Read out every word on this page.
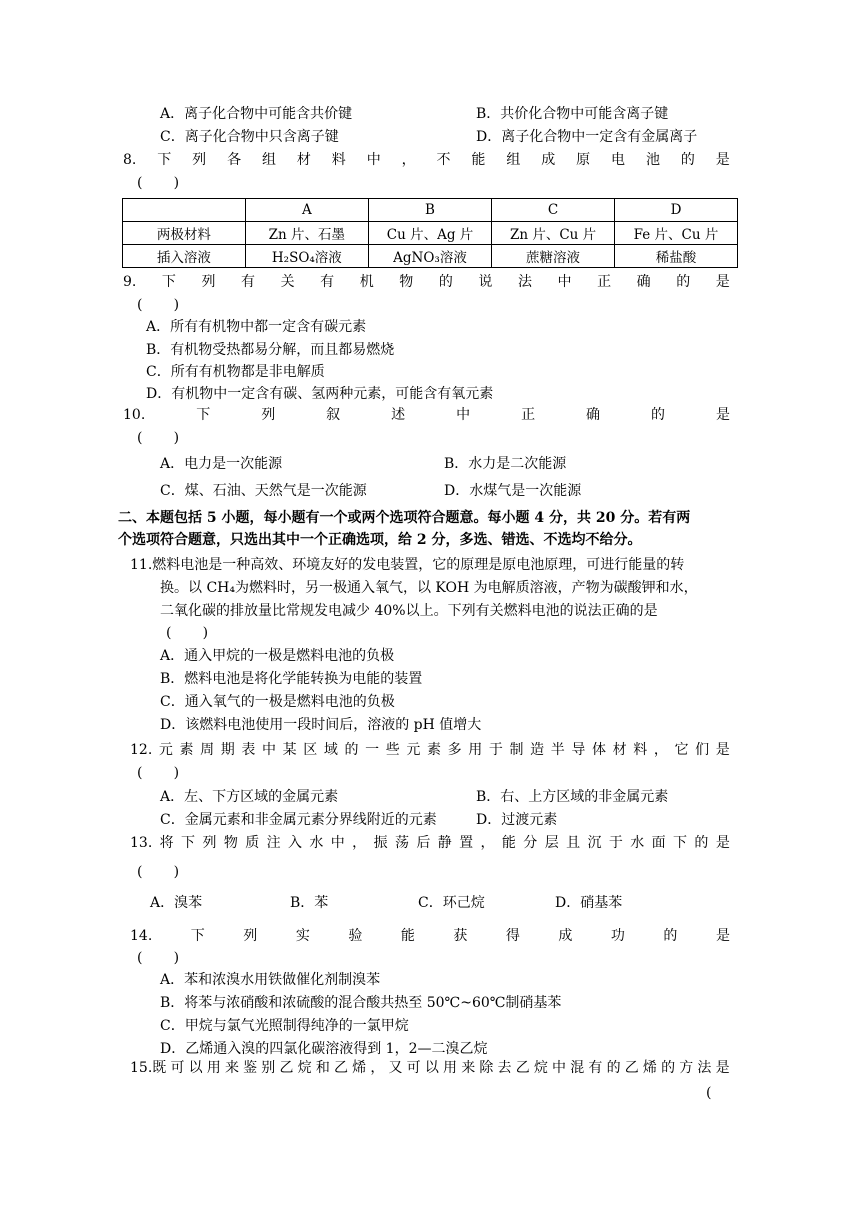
A．离子化合物中可能含共价键	B．共价化合物中可能含离子键
C．离子化合物中只含离子键	D．离子化合物中一定含有金属离子
8. 下 列 各 组 材 料 中 ， 不 能 组 成 原 电 池 的 是
(       )
	A	B	C	D
两极材料	Zn 片、石墨	Cu 片、Ag 片	Zn 片、Cu 片	Fe 片、Cu 片
插入溶液	H₂SO₄溶液	AgNO₃溶液	蔗糖溶液	稀盐酸
9. 下 列 有 关 有 机 物 的 说 法 中 正 确 的 是
(       )
A．所有有机物中都一定含有碳元素
B．有机物受热都易分解，而且都易燃烧
C．所有有机物都是非电解质
D．有机物中一定含有碳、氢两种元素，可能含有氧元素
10.	下	列	叙	述	中	正	确	的	是
(       )
A．电力是一次能源	B．水力是二次能源
C．煤、石油、天然气是一次能源	D．水煤气是一次能源
二、本题包括 5 小题，每小题有一个或两个选项符合题意。每小题 4 分，共 20 分。若有两
个选项符合题意，只选出其中一个正确选项，给 2 分，多选、错选、不选均不给分。
11.燃料电池是一种高效、环境友好的发电装置，它的原理是原电池原理，可进行能量的转
换。以 CH₄为燃料时，另一极通入氧气，以 KOH 为电解质溶液，产物为碳酸钾和水，
二氧化碳的排放量比常规发电减少 40%以上。下列有关燃料电池的说法正确的是
(       )
A．通入甲烷的一极是燃料电池的负极
B．燃料电池是将化学能转换为电能的装置
C．通入氧气的一极是燃料电池的负极
D．该燃料电池使用一段时间后，溶液的 pH 值增大
12. 元 素 周 期 表 中 某 区 域 的 一 些 元 素 多 用 于 制 造 半 导 体 材 料 ， 它 们 是
(       )
A．左、下方区域的金属元素	B．右、上方区域的非金属元素
C．金属元素和非金属元素分界线附近的元素	D．过渡元素
13. 将 下 列 物 质 注 入 水 中 ， 振 荡 后 静 置 ， 能 分 层 且 沉 于 水 面 下 的 是
(       )
A．溴苯	B．苯	C．环己烷	D．硝基苯
14.	下	列	实	验	能	获	得	成	功	的	是
(       )
A．苯和浓溴水用铁做催化剂制溴苯
B．将苯与浓硝酸和浓硫酸的混合酸共热至 50℃~60℃制硝基苯
C．甲烷与氯气光照制得纯净的一氯甲烷
D．乙烯通入溴的四氯化碳溶液得到 1，2—二溴乙烷
15.既 可 以 用 来 鉴 别 乙 烷 和 乙 烯 ， 又 可 以 用 来 除 去 乙 烷 中 混 有 的 乙 烯 的 方 法 是
(
